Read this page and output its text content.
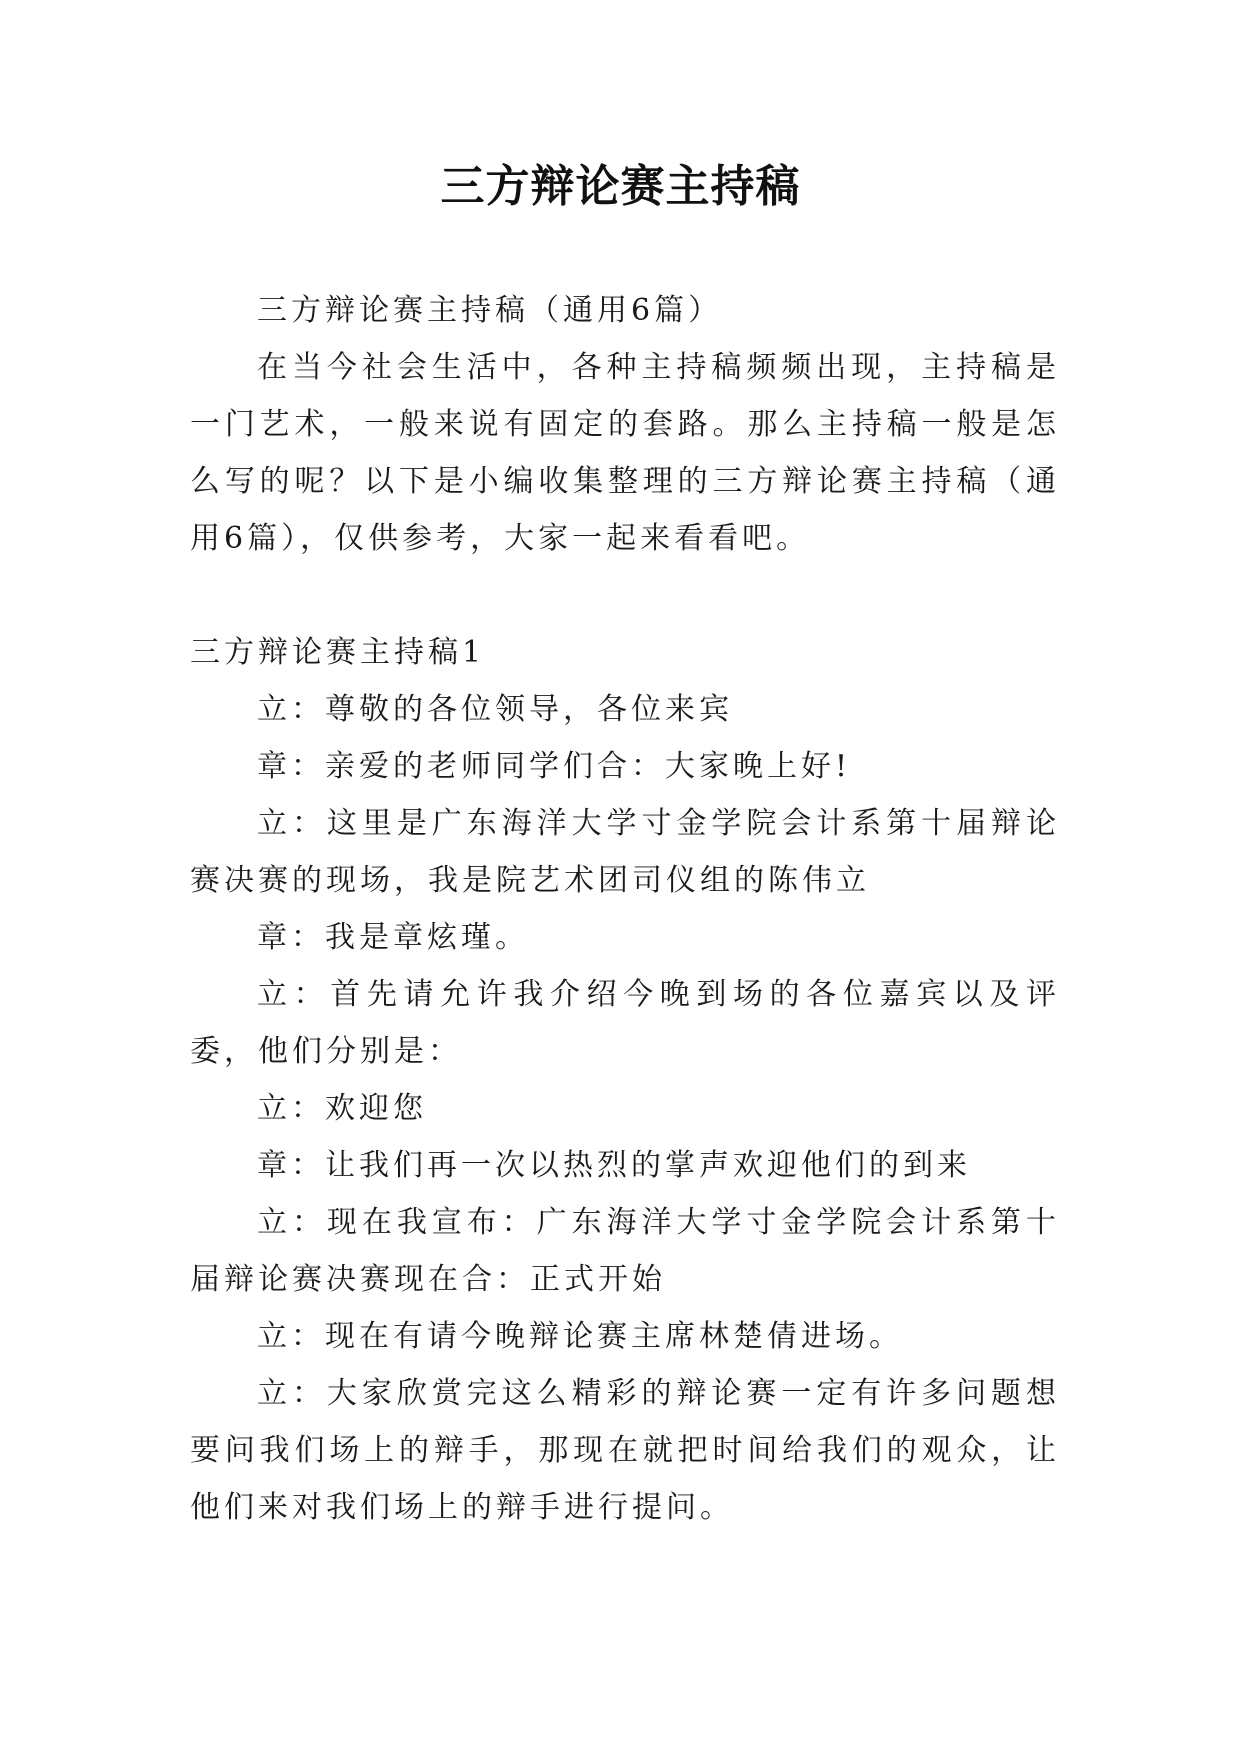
三方辩论赛主持稿

三方辩论赛主持稿（通用6篇）

在当今社会生活中，各种主持稿频频出现，主持稿是一门艺术，一般来说有固定的套路。那么主持稿一般是怎么写的呢？以下是小编收集整理的三方辩论赛主持稿（通用6篇），仅供参考，大家一起来看看吧。

三方辩论赛主持稿1

立：尊敬的各位领导，各位来宾

章：亲爱的老师同学们合：大家晚上好!

立：这里是广东海洋大学寸金学院会计系第十届辩论赛决赛的现场，我是院艺术团司仪组的陈伟立

章：我是章炫瑾。

立：首先请允许我介绍今晚到场的各位嘉宾以及评委，他们分别是：

立：欢迎您

章：让我们再一次以热烈的掌声欢迎他们的到来

立：现在我宣布：广东海洋大学寸金学院会计系第十届辩论赛决赛现在合：正式开始

立：现在有请今晚辩论赛主席林楚倩进场。

立：大家欣赏完这么精彩的辩论赛一定有许多问题想要问我们场上的辩手，那现在就把时间给我们的观众，让他们来对我们场上的辩手进行提问。
